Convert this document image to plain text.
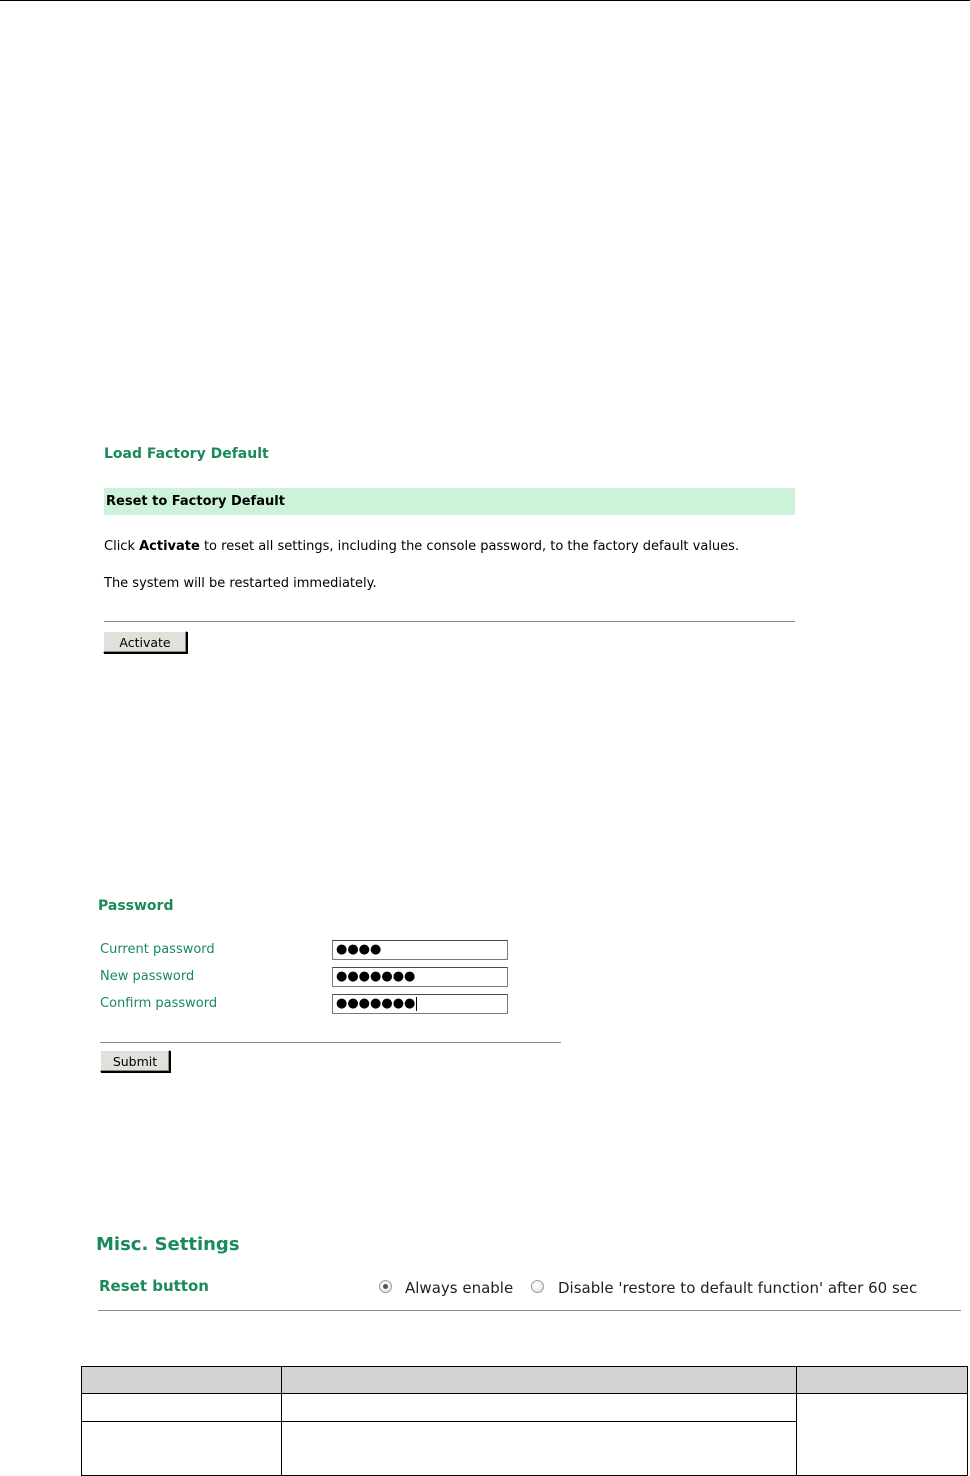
Load Factory Default
Reset to Factory Default
Click Activate to reset all settings, including the console password, to the factory default values.
The system will be restarted immediately.
Activate
Password
Current password	●●●●
New password	●●●●●●●
Confirm password	●●●●●●●
Submit
Misc. Settings
Reset button	Always enable	Disable 'restore to default function' after 60 sec
